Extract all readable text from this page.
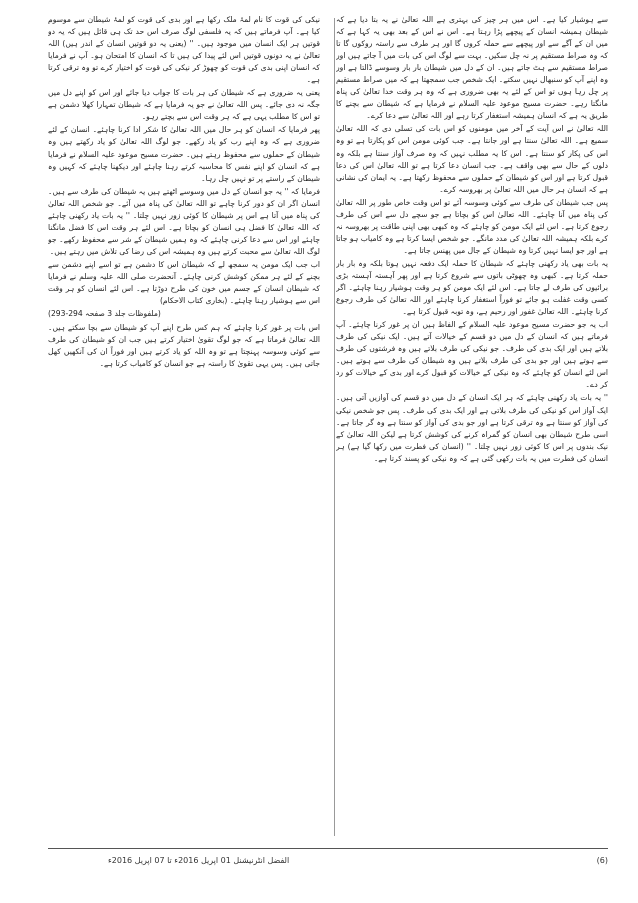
نیکی کی قوت کا نام لمۂ ملک رکھا ہے اور بدی کی قوت کو لمۂ شیطان سے موسوم کیا ہے۔ آپ فرماتے ہیں کہ یہ فلسفی لوگ صرف اس حد تک ہی قائل ہیں کہ یہ دو قوتیں ہر ایک انسان میں موجود ہیں۔ '' (یعنی یہ دو قوتیں انسان کے اندر ہیں) اللہ تعالیٰ نے یہ دونوں قوتیں اس لئے پیدا کی ہیں تا کہ انسان کا امتحان ہو۔ آپ نے فرمایا کہ انسان اپنی بدی کی قوت کو چھوڑ کر نیکی کی قوت کو اختیار کرے تو وہ ترقی کرتا ہے۔

یعنی یہ ضروری ہے کہ شیطان کی ہر بات کا جواب دیا جائے اور اس کو اپنے دل میں جگہ نہ دی جائے۔ پس اللہ تعالیٰ نے جو یہ فرمایا ہے کہ شیطان تمہارا کھلا دشمن ہے تو اس کا مطلب یہی ہے کہ ہر وقت اس سے بچتے رہو۔

پھر فرمایا کہ انسان کو ہر حال میں اللہ تعالیٰ کا شکر ادا کرنا چاہئے۔ انسان کے لئے ضروری ہے کہ وہ اپنے رب کو یاد رکھے۔ جو لوگ اللہ تعالیٰ کو یاد رکھتے ہیں وہ شیطان کے حملوں سے محفوظ رہتے ہیں۔ حضرت مسیح موعود علیہ السلام نے فرمایا ہے کہ انسان کو اپنے نفس کا محاسبہ کرتے رہنا چاہئے اور دیکھنا چاہئے کہ کہیں وہ شیطان کے راستے پر تو نہیں چل رہا۔

فرمایا کہ '' یہ جو انسان کے دل میں وسوسے اٹھتے ہیں یہ شیطان کی طرف سے ہیں۔ انسان اگر ان کو دور کرنا چاہے تو اللہ تعالیٰ کی پناہ میں آئے۔ جو شخص اللہ تعالیٰ کی پناہ میں آتا ہے اس پر شیطان کا کوئی زور نہیں چلتا۔ '' یہ بات یاد رکھنی چاہئے کہ اللہ تعالیٰ کا فضل ہی انسان کو بچاتا ہے۔ اس لئے ہر وقت اس کا فضل مانگنا چاہئے اور اس سے دعا کرنی چاہئے کہ وہ ہمیں شیطان کے شر سے محفوظ رکھے۔ جو لوگ اللہ تعالیٰ سے محبت کرتے ہیں وہ ہمیشہ اس کی رضا کی تلاش میں رہتے ہیں۔

اب جب ایک مومن یہ سمجھ لے کہ شیطان اس کا دشمن ہے تو اسے اپنے دشمن سے بچنے کے لئے ہر ممکن کوشش کرنی چاہئے۔ آنحضرت صلی اللہ علیہ وسلم نے فرمایا کہ شیطان انسان کے جسم میں خون کی طرح دوڑتا ہے۔ اس لئے انسان کو ہر وقت اس سے ہوشیار رہنا چاہئے۔ (بخاری کتاب الاحکام)

(ملفوظات جلد 3 صفحہ 294-293)

اس بات پر غور کرنا چاہئے کہ ہم کس طرح اپنے آپ کو شیطان سے بچا سکتے ہیں۔ اللہ تعالیٰ فرماتا ہے کہ جو لوگ تقویٰ اختیار کرتے ہیں جب ان کو شیطان کی طرف سے کوئی وسوسہ پہنچتا ہے تو وہ اللہ کو یاد کرتے ہیں اور فوراً ان کی آنکھیں کھل جاتی ہیں۔ پس یہی تقویٰ کا راستہ ہے جو انسان کو کامیاب کرتا ہے۔

سے ہوشیار کیا ہے۔ اس میں ہر چیز کی بہتری ہے اللہ تعالیٰ نے یہ بتا دیا ہے کہ شیطان ہمیشہ انسان کے پیچھے پڑا رہتا ہے۔ اس نے اس کے بعد بھی یہ کہا ہے کہ میں ان کے آگے سے اور پیچھے سے حملہ کروں گا اور ہر طرف سے راستہ روکوں گا تا کہ وہ صراط مستقیم پر نہ چل سکیں۔ بہت سے لوگ اس کی بات میں آ جاتے ہیں اور صراط مستقیم سے ہٹ جاتے ہیں۔ ان کے دل میں شیطان بار بار وسوسے ڈالتا ہے اور وہ اپنے آپ کو سنبھال نہیں سکتے۔ ایک شخص جب سمجھتا ہے کہ میں صراط مستقیم پر چل رہا ہوں تو اس کے لئے یہ بھی ضروری ہے کہ وہ ہر وقت خدا تعالیٰ کی پناہ مانگتا رہے۔ حضرت مسیح موعود علیہ السلام نے فرمایا ہے کہ شیطان سے بچنے کا طریق یہ ہے کہ انسان ہمیشہ استغفار کرتا رہے اور اللہ تعالیٰ سے دعا کرے۔

اللہ تعالیٰ نے اس آیت کے آخر میں مومنوں کو اس بات کی تسلی دی کہ اللہ تعالیٰ سمیع ہے۔ اللہ تعالیٰ سنتا ہے اور جانتا ہے۔ جب کوئی مومن اس کو پکارتا ہے تو وہ اس کی پکار کو سنتا ہے۔ اس کا یہ مطلب نہیں کہ وہ صرف آواز سنتا ہے بلکہ وہ دلوں کے حال سے بھی واقف ہے۔ جب انسان دعا کرتا ہے تو اللہ تعالیٰ اس کی دعا قبول کرتا ہے اور اس کو شیطان کے حملوں سے محفوظ رکھتا ہے۔ یہ ایمان کی نشانی ہے کہ انسان ہر حال میں اللہ تعالیٰ پر بھروسہ کرے۔

پس جب شیطان کی طرف سے کوئی وسوسہ آئے تو اس وقت خاص طور پر اللہ تعالیٰ کی پناہ میں آنا چاہئے۔ اللہ تعالیٰ اس کو بچاتا ہے جو سچے دل سے اس کی طرف رجوع کرتا ہے۔ اس لئے ایک مومن کو چاہئے کہ وہ کبھی بھی اپنی طاقت پر بھروسہ نہ کرے بلکہ ہمیشہ اللہ تعالیٰ کی مدد مانگے۔ جو شخص ایسا کرتا ہے وہ کامیاب ہو جاتا ہے اور جو ایسا نہیں کرتا وہ شیطان کے جال میں پھنس جاتا ہے۔

یہ بات بھی یاد رکھنی چاہئے کہ شیطان کا حملہ ایک دفعہ نہیں ہوتا بلکہ وہ بار بار حملہ کرتا ہے۔ کبھی وہ چھوٹی باتوں سے شروع کرتا ہے اور پھر آہستہ آہستہ بڑی برائیوں کی طرف لے جاتا ہے۔ اس لئے ایک مومن کو ہر وقت ہوشیار رہنا چاہئے۔ اگر کسی وقت غفلت ہو جائے تو فوراً استغفار کرنا چاہئے اور اللہ تعالیٰ کی طرف رجوع کرنا چاہئے۔ اللہ تعالیٰ غفور اور رحیم ہے، وہ توبہ قبول کرتا ہے۔

اب یہ جو حضرت مسیح موعود علیہ السلام کے الفاظ ہیں ان پر غور کرنا چاہئے۔ آپ فرماتے ہیں کہ انسان کے دل میں دو قسم کے خیالات آتے ہیں۔ ایک نیکی کی طرف بلاتے ہیں اور ایک بدی کی طرف۔ جو نیکی کی طرف بلاتے ہیں وہ فرشتوں کی طرف سے ہوتے ہیں اور جو بدی کی طرف بلاتے ہیں وہ شیطان کی طرف سے ہوتے ہیں۔ اس لئے انسان کو چاہئے کہ وہ نیکی کے خیالات کو قبول کرے اور بدی کے خیالات کو رد کر دے۔

'' یہ بات یاد رکھنی چاہئے کہ ہر ایک انسان کے دل میں دو قسم کی آوازیں آتی ہیں۔ ایک آواز اس کو نیکی کی طرف بلاتی ہے اور ایک بدی کی طرف۔ پس جو شخص نیکی کی آواز کو سنتا ہے وہ ترقی کرتا ہے اور جو بدی کی آواز کو سنتا ہے وہ گر جاتا ہے۔ اسی طرح شیطان بھی انسان کو گمراہ کرنے کی کوشش کرتا ہے لیکن اللہ تعالیٰ کے نیک بندوں پر اس کا کوئی زور نہیں چلتا۔ '' (انسان کی فطرت میں رکھا گیا ہے) ہر انسان کی فطرت میں یہ بات رکھی گئی ہے کہ وہ نیکی کو پسند کرتا ہے۔

الفضل انٹرنیشنل 01 اپریل 2016ء تا 07 اپریل 2016ء	(6)
